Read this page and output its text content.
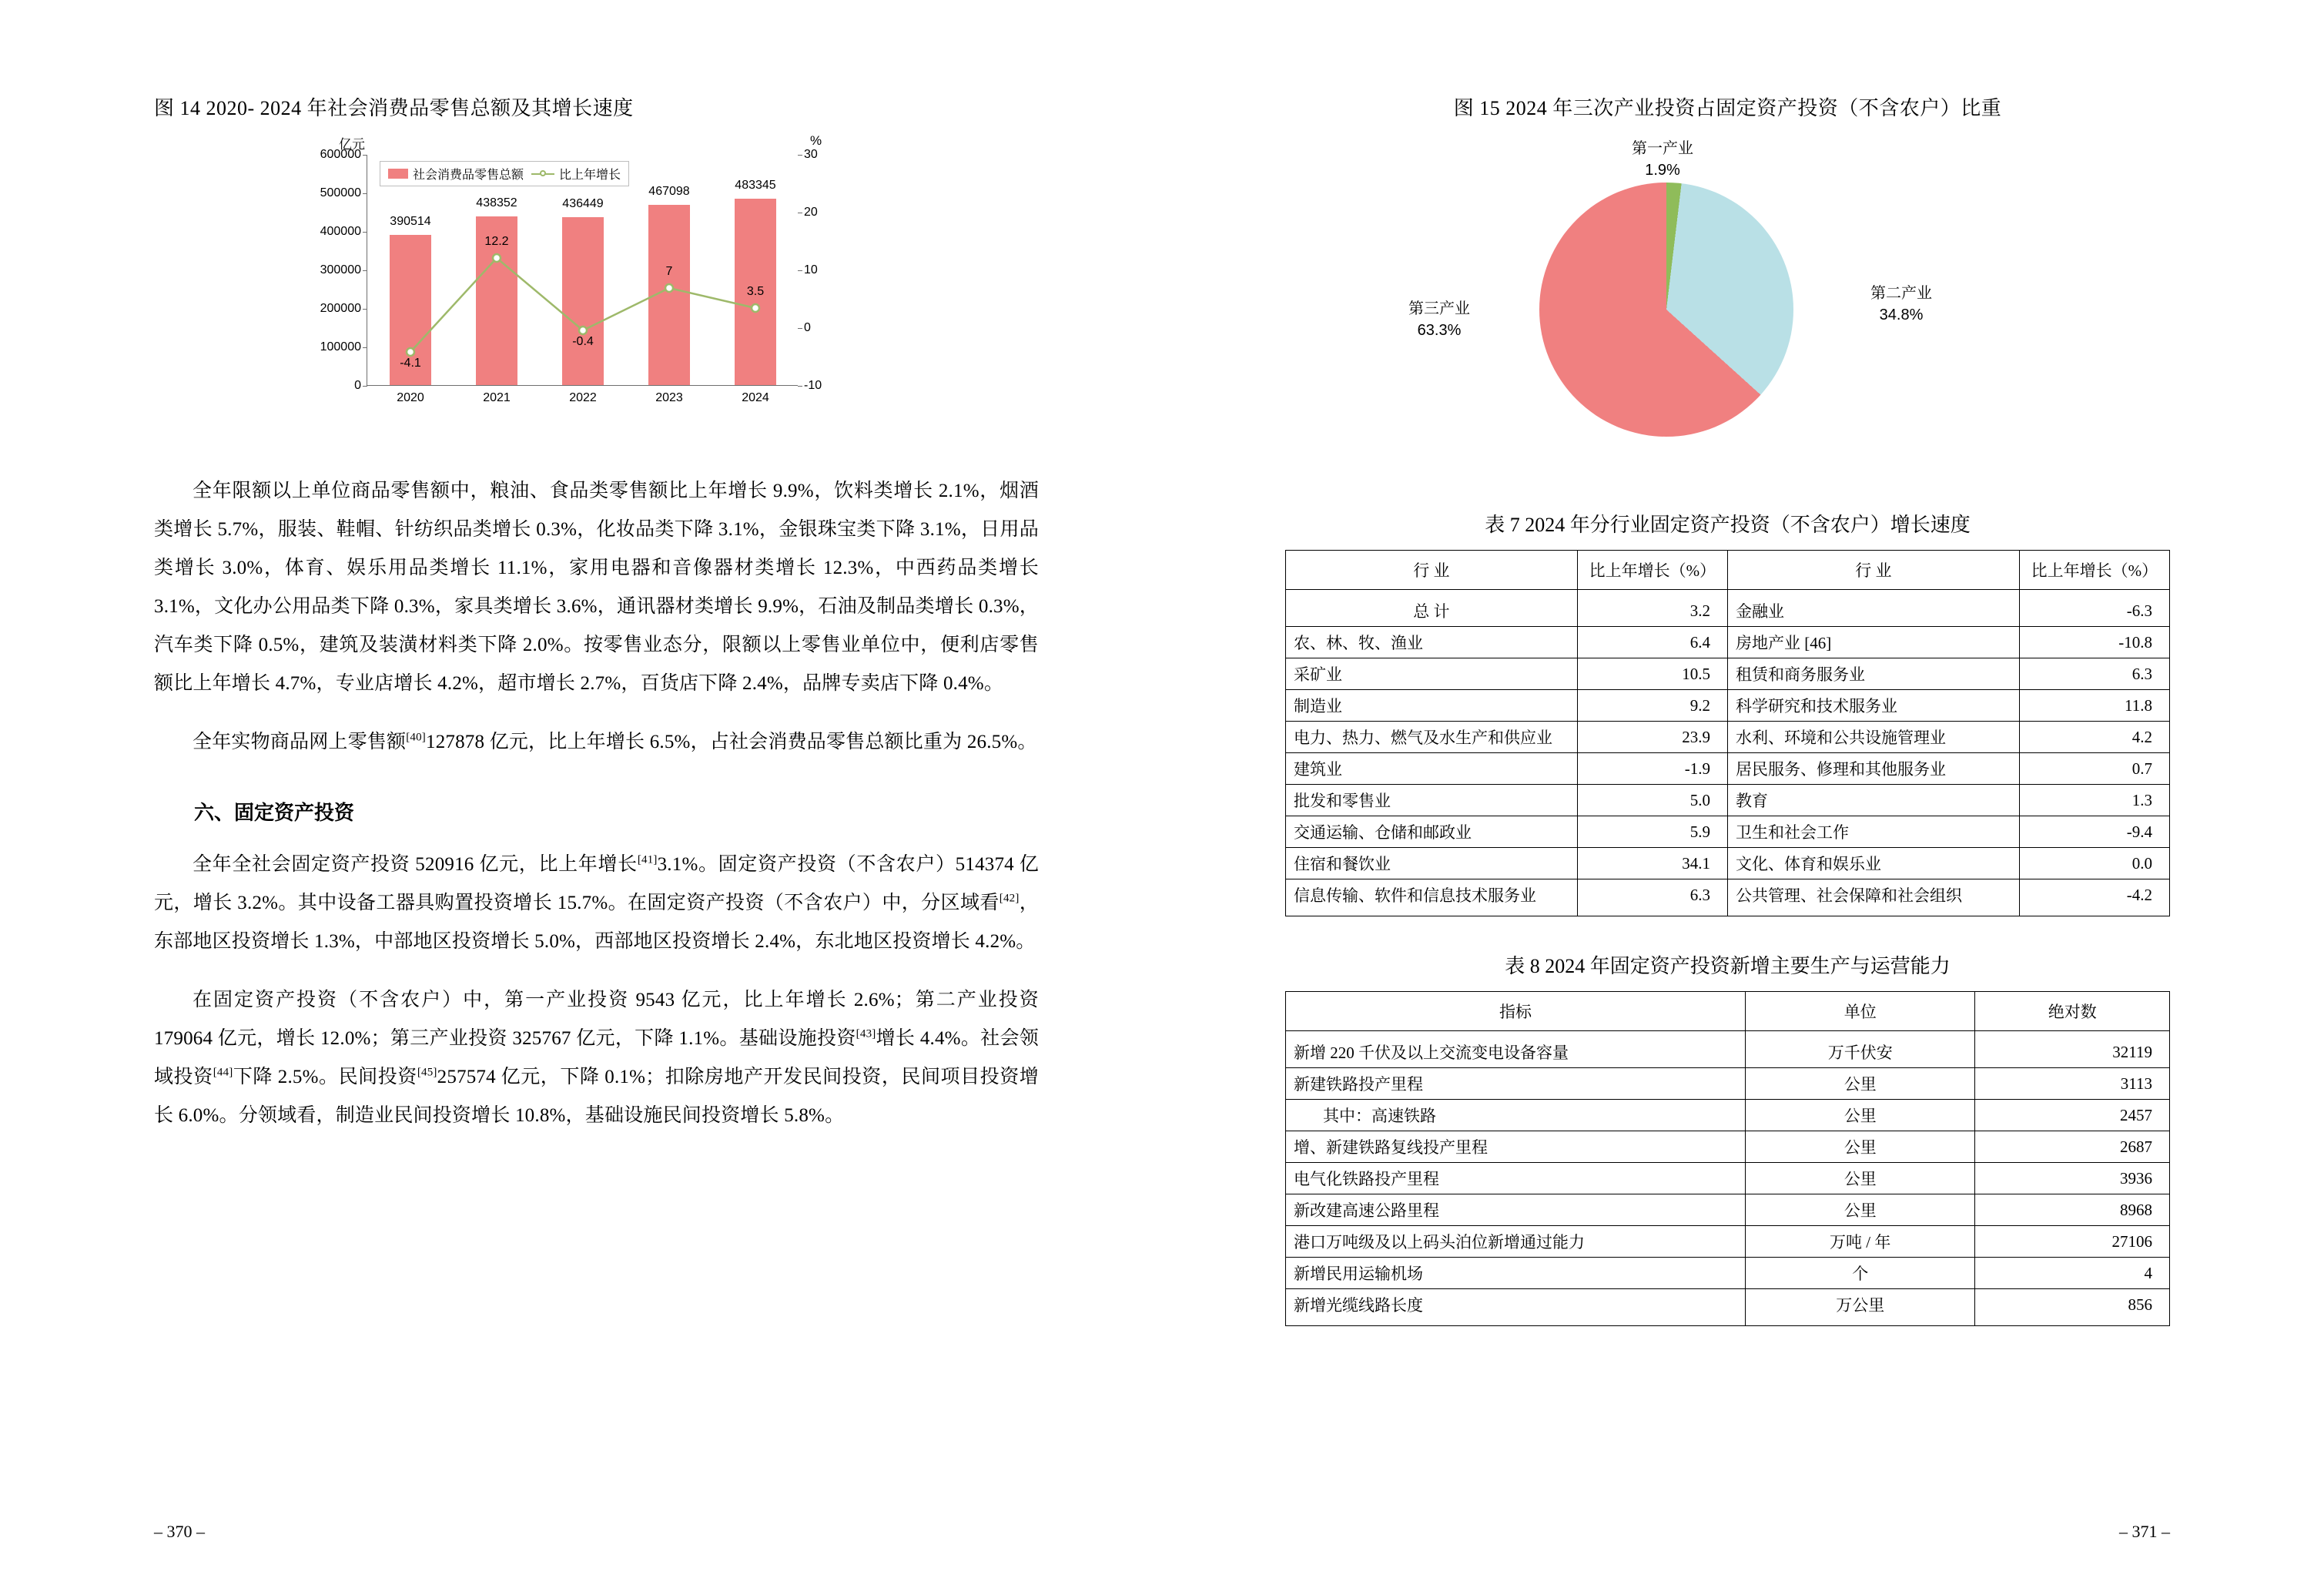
图 14 2020- 2024 年社会消费品零售总额及其增长速度
亿元	%
0
100000
200000
300000
400000
500000
600000
-10
0
10
20
30
390514
438352	436449
467098	483345
-4.1
12.2
-0.4
7
3.5
2020	2021	2022	2023	2024
社会消费品零售总额	比上年增长

全年限额以上单位商品零售额中，粮油、食品类零售额比上年增长 9.9%，饮料类增长 2.1%，烟酒类增长 5.7%，服装、鞋帽、针纺织品类增长 0.3%，化妆品类下降 3.1%，金银珠宝类下降 3.1%，日用品类增长 3.0%，体育、娱乐用品类增长 11.1%，家用电器和音像器材类增长 12.3%，中西药品类增长 3.1%，文化办公用品类下降 0.3%，家具类增长 3.6%，通讯器材类增长 9.9%，石油及制品类增长 0.3%，汽车类下降 0.5%，建筑及装潢材料类下降 2.0%。按零售业态分，限额以上零售业单位中，便利店零售额比上年增长 4.7%，专业店增长 4.2%，超市增长 2.7%，百货店下降 2.4%，品牌专卖店下降 0.4%。

全年实物商品网上零售额[40]127878 亿元，比上年增长 6.5%，占社会消费品零售总额比重为 26.5%。

六、固定资产投资

全年全社会固定资产投资 520916 亿元，比上年增长[41]3.1%。固定资产投资（不含农户）514374 亿元，增长 3.2%。其中设备工器具购置投资增长 15.7%。在固定资产投资（不含农户）中，分区域看[42]，东部地区投资增长 1.3%，中部地区投资增长 5.0%，西部地区投资增长 2.4%，东北地区投资增长 4.2%。

在固定资产投资（不含农户）中，第一产业投资 9543 亿元，比上年增长 2.6%；第二产业投资 179064 亿元，增长 12.0%；第三产业投资 325767 亿元，下降 1.1%。基础设施投资[43]增长 4.4%。社会领域投资[44]下降 2.5%。民间投资[45]257574 亿元，下降 0.1%；扣除房地产开发民间投资，民间项目投资增长 6.0%。分领域看，制造业民间投资增长 10.8%，基础设施民间投资增长 5.8%。

– 370 –
图 15 2024 年三次产业投资占固定资产投资（不含农户）比重
第一产业
1.9%
第二产业
34.8%
第三产业
63.3%
表 7 2024 年分行业固定资产投资（不含农户）增长速度
行 业	比上年增长（%）	行 业	比上年增长（%）
总 计	3.2	金融业	-6.3
农、林、牧、渔业	6.4	房地产业 [46]	-10.8
采矿业	10.5	租赁和商务服务业	6.3
制造业	9.2	科学研究和技术服务业	11.8
电力、热力、燃气及水生产和供应业	23.9	水利、环境和公共设施管理业	4.2
建筑业	-1.9	居民服务、修理和其他服务业	0.7
批发和零售业	5.0	教育	1.3
交通运输、仓储和邮政业	5.9	卫生和社会工作	-9.4
住宿和餐饮业	34.1	文化、体育和娱乐业	0.0
信息传输、软件和信息技术服务业	6.3	公共管理、社会保障和社会组织	-4.2
表 8 2024 年固定资产投资新增主要生产与运营能力
指标	单位	绝对数
新增 220 千伏及以上交流变电设备容量	万千伏安	32119
新建铁路投产里程	公里	3113
其中：高速铁路	公里	2457
增、新建铁路复线投产里程	公里	2687
电气化铁路投产里程	公里	3936
新改建高速公路里程	公里	8968
港口万吨级及以上码头泊位新增通过能力	万吨 / 年	27106
新增民用运输机场	个	4
新增光缆线路长度	万公里	856
– 371 –
